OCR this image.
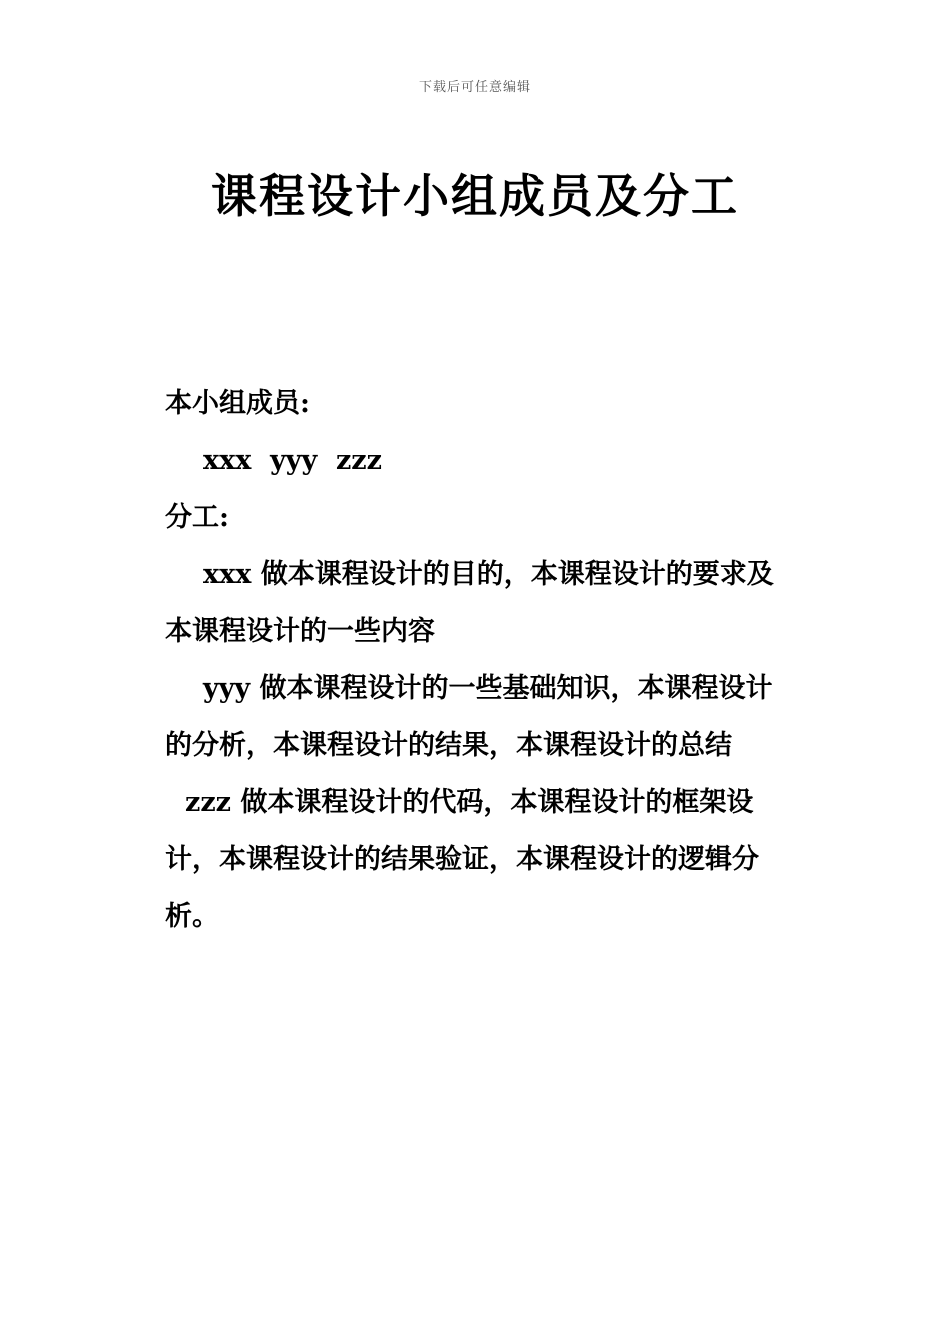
下载后可任意编辑
课程设计小组成员及分工
本小组成员:
xxx  yyy  zzz
分工:
xxx 做本课程设计的目的，本课程设计的要求及本课程设计的一些内容
yyy 做本课程设计的一些基础知识，本课程设计的分析，本课程设计的结果，本课程设计的总结
zzz 做本课程设计的代码，本课程设计的框架设计，本课程设计的结果验证，本课程设计的逻辑分析。
